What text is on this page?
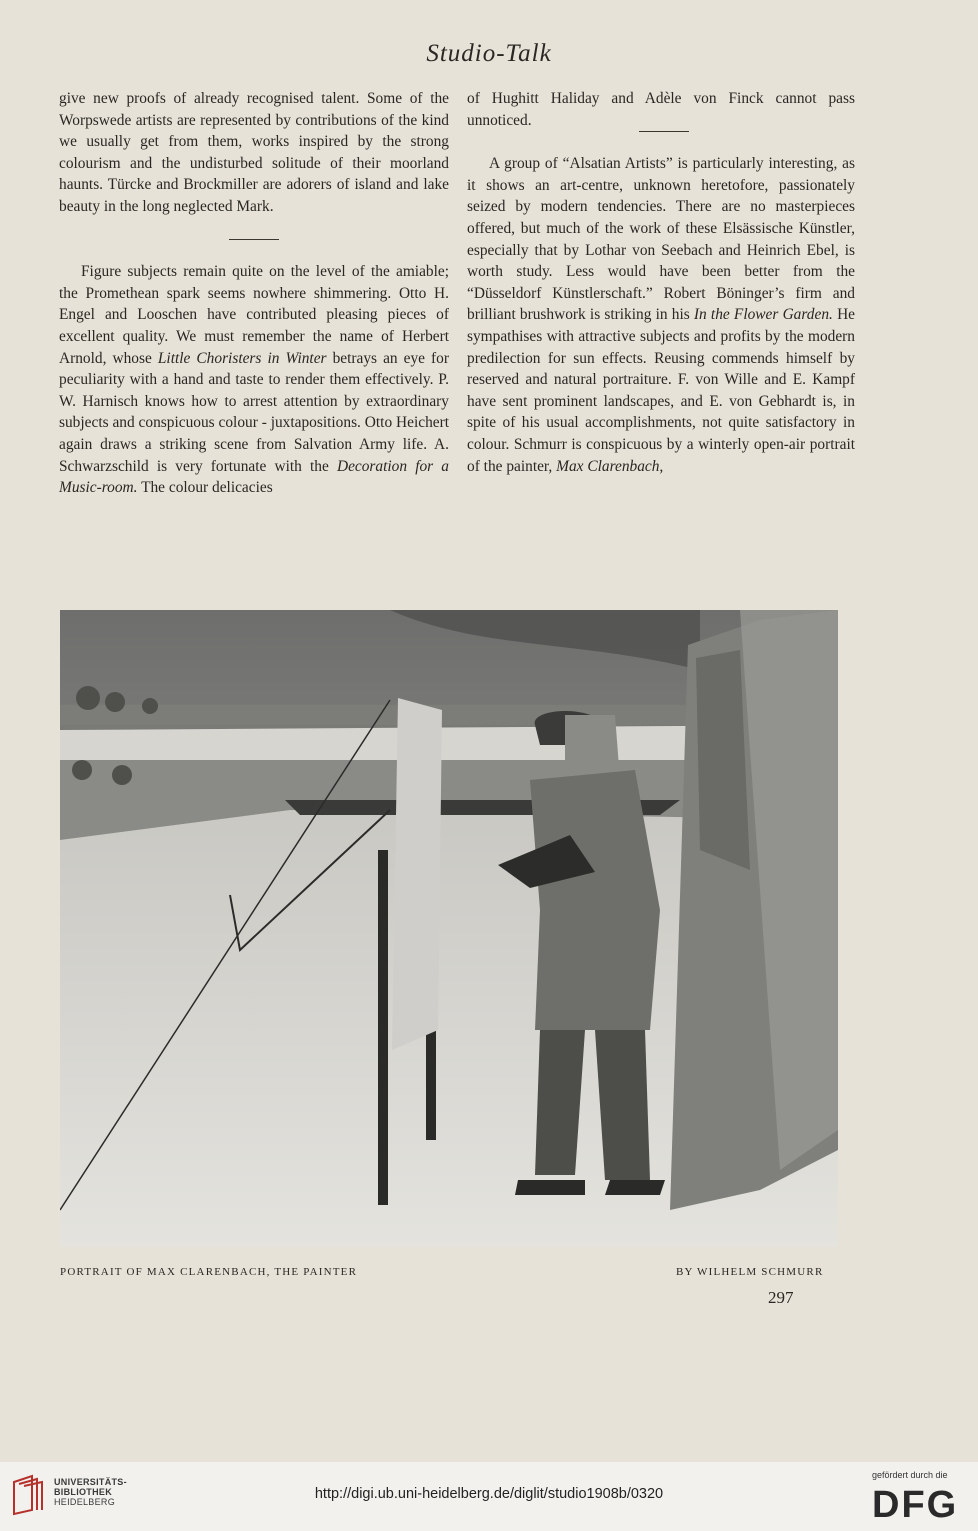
Studio-Talk

give new proofs of already recognised talent. Some of the Worpswede artists are represented by contributions of the kind we usually get from them, works inspired by the strong colourism and the undisturbed solitude of their moorland haunts. Türcke and Brockmiller are adorers of island and lake beauty in the long neglected Mark.

Figure subjects remain quite on the level of the amiable; the Promethean spark seems nowhere shimmering. Otto H. Engel and Looschen have contributed pleasing pieces of excellent quality. We must remember the name of Herbert Arnold, whose Little Choristers in Winter betrays an eye for peculiarity with a hand and taste to render them effectively. P. W. Harnisch knows how to arrest attention by extraordinary subjects and conspicuous colour - juxtapositions. Otto Heichert again draws a striking scene from Salvation Army life. A. Schwarzschild is very fortunate with the Decoration for a Music-room. The colour delicacies

of Hughitt Haliday and Adèle von Finck cannot pass unnoticed.

A group of “Alsatian Artists” is particularly interesting, as it shows an art-centre, unknown heretofore, passionately seized by modern tendencies. There are no masterpieces offered, but much of the work of these Elsässische Künstler, especially that by Lothar von Seebach and Heinrich Ebel, is worth study. Less would have been better from the “Düsseldorf Künstlerschaft.” Robert Böninger’s firm and brilliant brushwork is striking in his In the Flower Garden. He sympathises with attractive subjects and profits by the modern predilection for sun effects. Reusing commends himself by reserved and natural portraiture. F. von Wille and E. Kampf have sent prominent landscapes, and E. von Gebhardt is, in spite of his usual accomplishments, not quite satisfactory in colour. Schmurr is conspicuous by a winterly open-air portrait of the painter, Max Clarenbach,

PORTRAIT OF MAX CLARENBACH, THE PAINTER	BY WILHELM SCHMURR
297
UNIVERSITÄTS-
BIBLIOTHEK
HEIDELBERG	http://digi.ub.uni-heidelberg.de/diglit/studio1908b/0320
gefördert durch die
DFG
